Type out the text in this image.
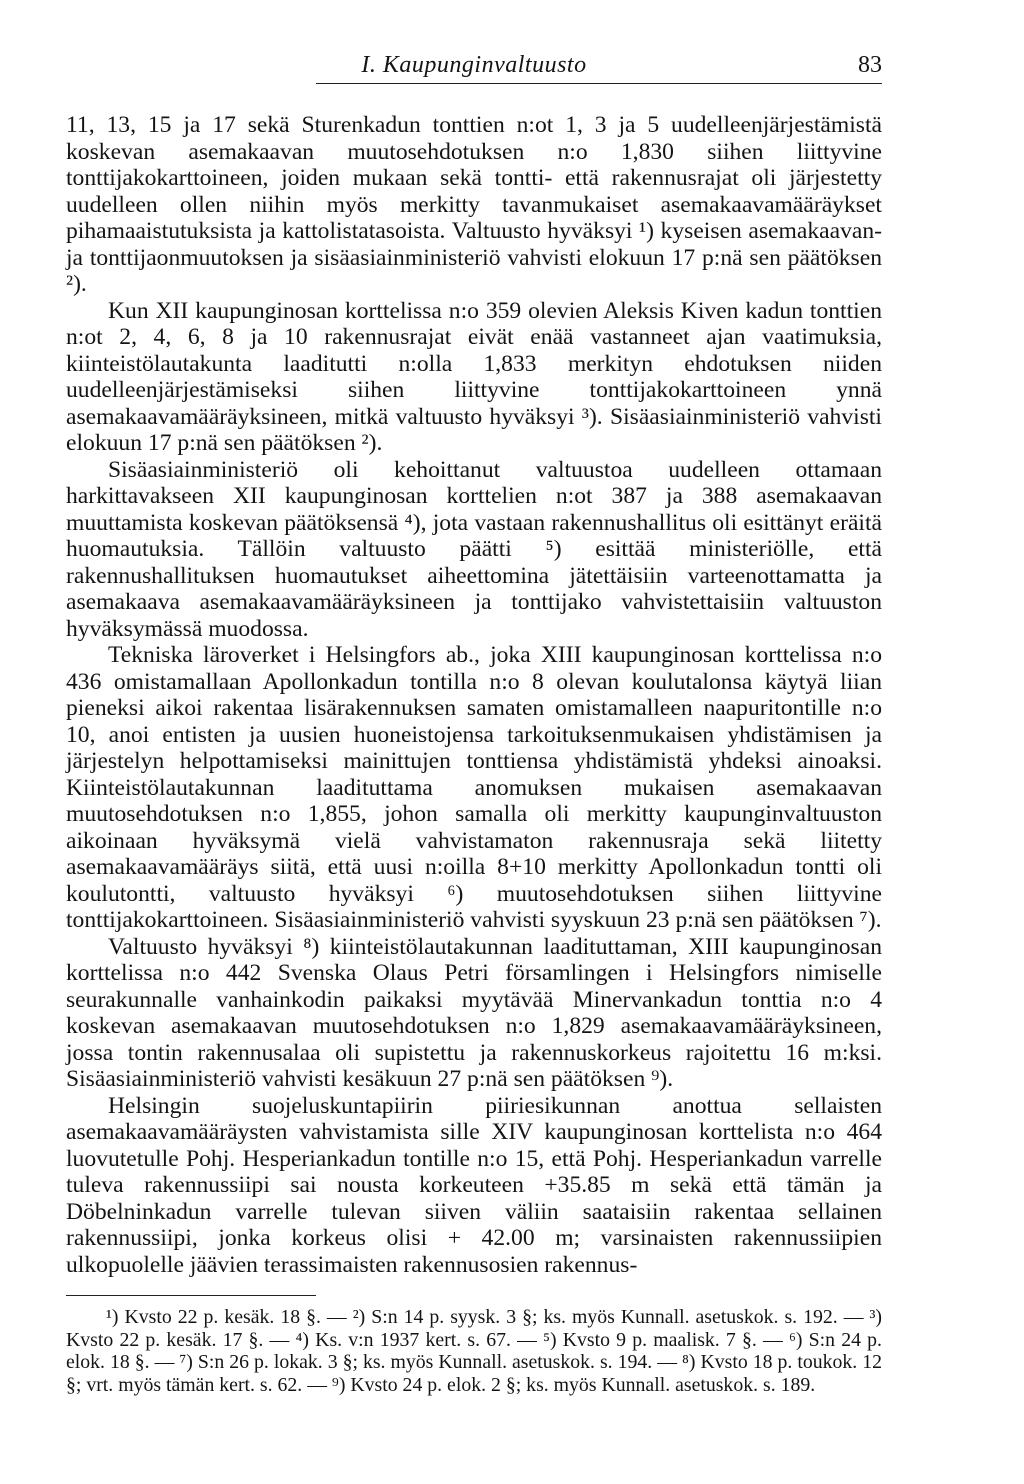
I. Kaupunginvaltuusto	83

11, 13, 15 ja 17 sekä Sturenkadun tonttien n:ot 1, 3 ja 5 uudelleenjärjestämistä koskevan asemakaavan muutosehdotuksen n:o 1,830 siihen liittyvine tonttijakokarttoineen, joiden mukaan sekä tontti- että rakennusrajat oli järjestetty uudelleen ollen niihin myös merkitty tavanmukaiset asemakaavamääräykset pihamaaistutuksista ja kattolistatasoista. Valtuusto hyväksyi ¹) kyseisen asemakaavan- ja tonttijaonmuutoksen ja sisäasiainministeriö vahvisti elokuun 17 p:nä sen päätöksen ²).

Kun XII kaupunginosan korttelissa n:o 359 olevien Aleksis Kiven kadun tonttien n:ot 2, 4, 6, 8 ja 10 rakennusrajat eivät enää vastanneet ajan vaatimuksia, kiinteistölautakunta laaditutti n:olla 1,833 merkityn ehdotuksen niiden uudelleenjärjestämiseksi siihen liittyvine tonttijakokarttoineen ynnä asemakaavamääräyksineen, mitkä valtuusto hyväksyi ³). Sisäasiainministeriö vahvisti elokuun 17 p:nä sen päätöksen ²).

Sisäasiainministeriö oli kehoittanut valtuustoa uudelleen ottamaan harkittavakseen XII kaupunginosan korttelien n:ot 387 ja 388 asemakaavan muuttamista koskevan päätöksensä ⁴), jota vastaan rakennushallitus oli esittänyt eräitä huomautuksia. Tällöin valtuusto päätti ⁵) esittää ministeriölle, että rakennushallituksen huomautukset aiheettomina jätettäisiin varteenottamatta ja asemakaava asemakaavamääräyksineen ja tonttijako vahvistettaisiin valtuuston hyväksymässä muodossa.

Tekniska läroverket i Helsingfors ab., joka XIII kaupunginosan korttelissa n:o 436 omistamallaan Apollonkadun tontilla n:o 8 olevan koulutalonsa käytyä liian pieneksi aikoi rakentaa lisärakennuksen samaten omistamalleen naapuritontille n:o 10, anoi entisten ja uusien huoneistojensa tarkoituksenmukaisen yhdistämisen ja järjestelyn helpottamiseksi mainittujen tonttiensa yhdistämistä yhdeksi ainoaksi. Kiinteistölautakunnan laadituttama anomuksen mukaisen asemakaavan muutosehdotuksen n:o 1,855, johon samalla oli merkitty kaupunginvaltuuston aikoinaan hyväksymä vielä vahvistamaton rakennusraja sekä liitetty asemakaavamääräys siitä, että uusi n:oilla 8+10 merkitty Apollonkadun tontti oli koulutontti, valtuusto hyväksyi ⁶) muutosehdotuksen siihen liittyvine tonttijakokarttoineen. Sisäasiainministeriö vahvisti syyskuun 23 p:nä sen päätöksen ⁷).

Valtuusto hyväksyi ⁸) kiinteistölautakunnan laadituttaman, XIII kaupunginosan korttelissa n:o 442 Svenska Olaus Petri församlingen i Helsingfors nimiselle seurakunnalle vanhainkodin paikaksi myytävää Minervankadun tonttia n:o 4 koskevan asemakaavan muutosehdotuksen n:o 1,829 asemakaavamääräyksineen, jossa tontin rakennusalaa oli supistettu ja rakennuskorkeus rajoitettu 16 m:ksi. Sisäasiainministeriö vahvisti kesäkuun 27 p:nä sen päätöksen ⁹).

Helsingin suojeluskuntapiirin piiriesikunnan anottua sellaisten asemakaavamääräysten vahvistamista sille XIV kaupunginosan korttelista n:o 464 luovutetulle Pohj. Hesperiankadun tontille n:o 15, että Pohj. Hesperiankadun varrelle tuleva rakennussiipi sai nousta korkeuteen +35.85 m sekä että tämän ja Döbelninkadun varrelle tulevan siiven väliin saataisiin rakentaa sellainen rakennussiipi, jonka korkeus olisi + 42.00 m; varsinaisten rakennussiipien ulkopuolelle jäävien terassimaisten rakennusosien rakennus-

¹) Kvsto 22 p. kesäk. 18 §. — ²) S:n 14 p. syysk. 3 §; ks. myös Kunnall. asetuskok. s. 192. — ³) Kvsto 22 p. kesäk. 17 §. — ⁴) Ks. v:n 1937 kert. s. 67. — ⁵) Kvsto 9 p. maalisk. 7 §. — ⁶) S:n 24 p. elok. 18 §. — ⁷) S:n 26 p. lokak. 3 §; ks. myös Kunnall. asetuskok. s. 194. — ⁸) Kvsto 18 p. toukok. 12 §; vrt. myös tämän kert. s. 62. — ⁹) Kvsto 24 p. elok. 2 §; ks. myös Kunnall. asetuskok. s. 189.
